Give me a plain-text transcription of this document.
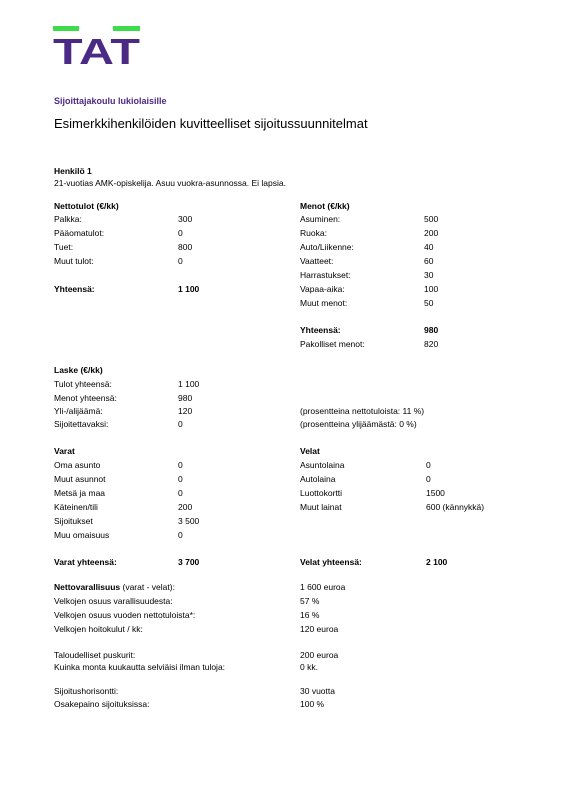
TAT
Sijoittajakoulu lukiolaisille
Esimerkkihenkilöiden kuvitteelliset sijoitussuunnitelmat
Henkilö 1
21-vuotias AMK-opiskelija. Asuu vuokra-asunnossa. Ei lapsia.
Nettotulot (€/kk)
Palkka:	300
Pääomatulot:	0
Tuet:	800
Muut tulot:	0
Yhteensä:	1 100
Menot (€/kk)
Asuminen:	500
Ruoka:	200
Auto/Liikenne:	40
Vaatteet:	60
Harrastukset:	30
Vapaa-aika:	100
Muut menot:	50
Yhteensä:	980
Pakolliset menot:	820
Laske (€/kk)
Tulot yhteensä:	1 100
Menot yhteensä:	980
Yli-/alijäämä:	120	(prosentteina nettotuloista: 11 %)
Sijoitettavaksi:	0	(prosentteina ylijäämästä: 0 %)
Varat
Oma asunto	0
Muut asunnot	0
Metsä ja maa	0
Käteinen/tili	200
Sijoitukset	3 500
Muu omaisuus	0
Varat yhteensä:	3 700
Velat
Asuntolaina	0
Autolaina	0
Luottokortti	1500
Muut lainat	600 (kännykkä)
Velat yhteensä:	2 100
Nettovarallisuus (varat - velat):	1 600 euroa
Velkojen osuus varallisuudesta:	57 %
Velkojen osuus vuoden nettotuloista*:	16 %
Velkojen hoitokulut / kk:	120 euroa
Taloudelliset puskurit:	200 euroa
Kuinka monta kuukautta selviäisi ilman tuloja:	0 kk.
Sijoitushorisontti:	30 vuotta
Osakepaino sijoituksissa:	100 %
